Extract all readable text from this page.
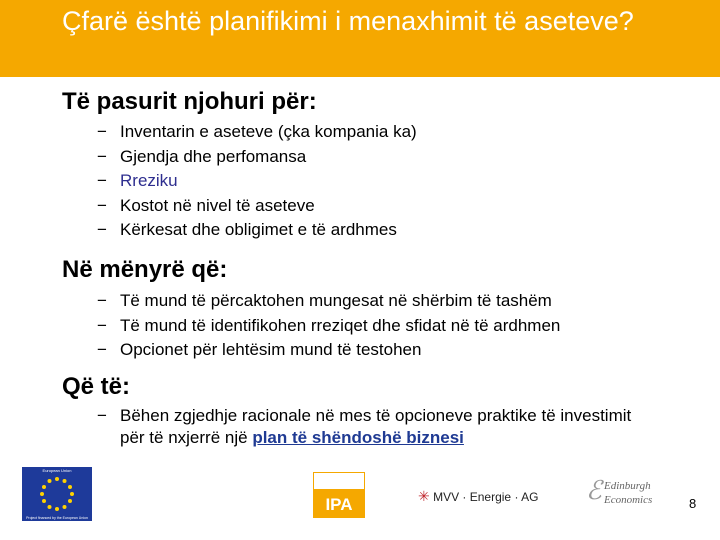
Çfarë është planifikimi i menaxhimit të aseteve?
Të pasurit njohuri për:
− Inventarin e aseteve (çka kompania ka)
− Gjendja dhe perfomansa
− Rreziku
− Kostot në nivel të aseteve
− Kërkesat dhe obligimet e të ardhmes
Në mënyrë që:
− Të mund të përcaktohen mungesat në shërbim të tashëm
− Të mund të identifikohen rreziqet dhe sfidat në të ardhmen
− Opcionet për lehtësim mund të testohen
Që të:
− Bëhen zgjedhje racionale në mes të opcioneve praktike të investimit për të nxjerrë një plan të shëndoshë biznesi
European Union
Project financed by the European Union
IPA	✳ MVV · Energie · AG ℰ Edinburgh
Economics	8
